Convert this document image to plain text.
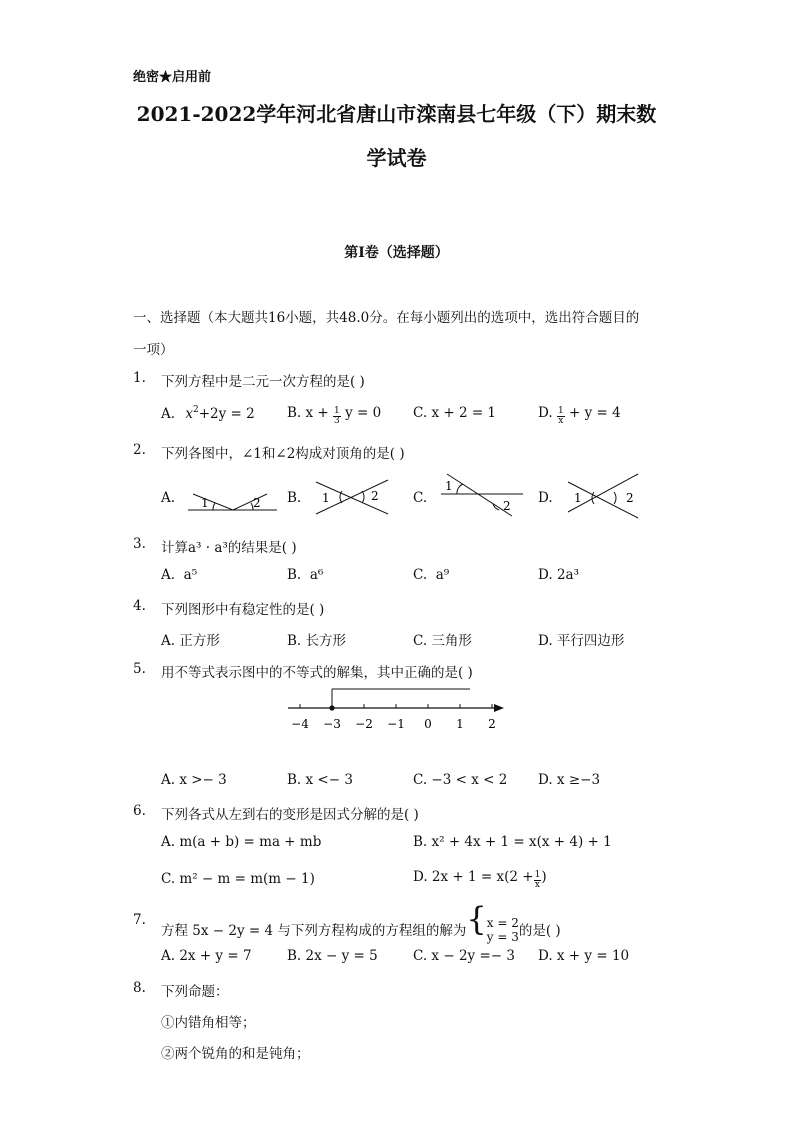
绝密★启用前
2021-2022学年河北省唐山市滦南县七年级（下）期末数
学试卷
第I卷（选择题）
一、选择题（本大题共16小题，共48.0分。在每小题列出的选项中，选出符合题目的
一项）
1. 下列方程中是二元一次方程的是( )
A. $x^2+2y = 2$ B. $x + \frac{1}{3}$ y = 0 C. x + 2 = 1	D. $\frac{1}{x} + y = 4$
2. 下列各图中，∠1和∠2构成对顶角的是( )
A. 1	2 B. 1	2	C.
1
2 D. 1	2
3. 计算a³ · a³的结果是( )
A. a⁵	B. a⁶	C. a⁹	D. 2a³
4. 下列图形中有稳定性的是( )
A. 正方形	B. 长方形	C. 三角形	D. 平行四边形
5. 用不等式表示图中的不等式的解集，其中正确的是( )
−4 −3 −2 −1 0 1 2
A. x >− 3	B. x <− 3	C. −3 < x < 2 D. x ≥−3
6. 下列各式从左到右的变形是因式分解的是( )
A. m(a + b) = ma + mb	B. x² + 4x + 1 = x(x + 4) + 1
C. m² − m = m(m − 1)	D. $2x + 1 = x(2 + \frac{1}{x}$ )
7.
方程 5x − 2y = 4 与下列方程构成的方程组的解为{ x = 2
y = 3 的是( )
A. 2x + y = 7	B. 2x − y = 5	C. x − 2y =− 3 D. x + y = 10
8. 下列命题：
①内错角相等；
②两个锐角的和是钝角；
